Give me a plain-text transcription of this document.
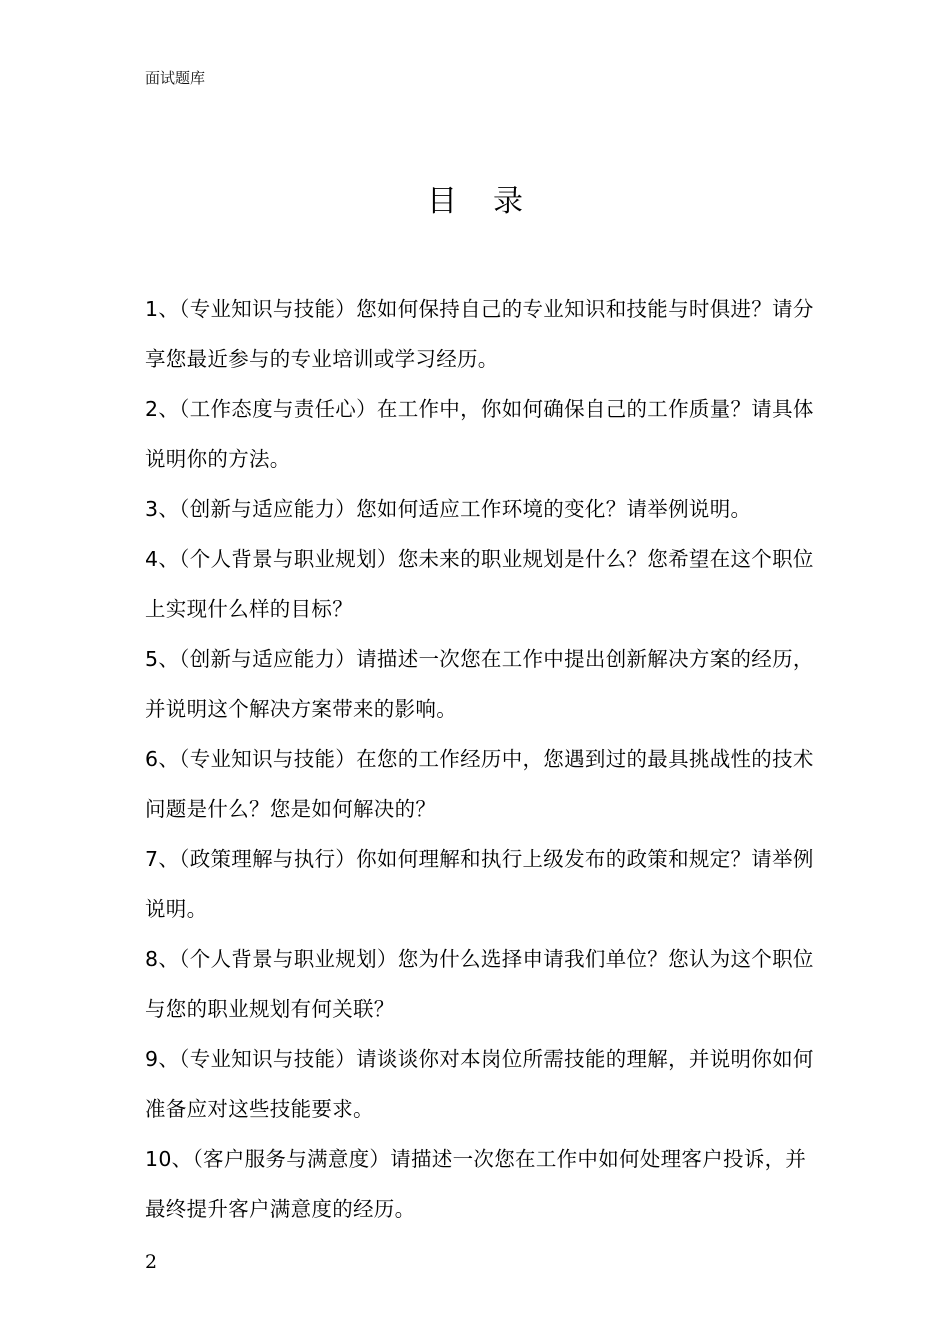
面试题库
目录

1、（专业知识与技能）您如何保持自己的专业知识和技能与时俱进？请分享您最近参与的专业培训或学习经历。

2、（工作态度与责任心）在工作中，你如何确保自己的工作质量？请具体说明你的方法。

3、（创新与适应能力）您如何适应工作环境的变化？请举例说明。

4、（个人背景与职业规划）您未来的职业规划是什么？您希望在这个职位上实现什么样的目标？

5、（创新与适应能力）请描述一次您在工作中提出创新解决方案的经历，并说明这个解决方案带来的影响。

6、（专业知识与技能）在您的工作经历中，您遇到过的最具挑战性的技术问题是什么？您是如何解决的？

7、（政策理解与执行）你如何理解和执行上级发布的政策和规定？请举例说明。

8、（个人背景与职业规划）您为什么选择申请我们单位？您认为这个职位与您的职业规划有何关联？

9、（专业知识与技能）请谈谈你对本岗位所需技能的理解，并说明你如何准备应对这些技能要求。

10、（客户服务与满意度）请描述一次您在工作中如何处理客户投诉，并最终提升客户满意度的经历。

2
